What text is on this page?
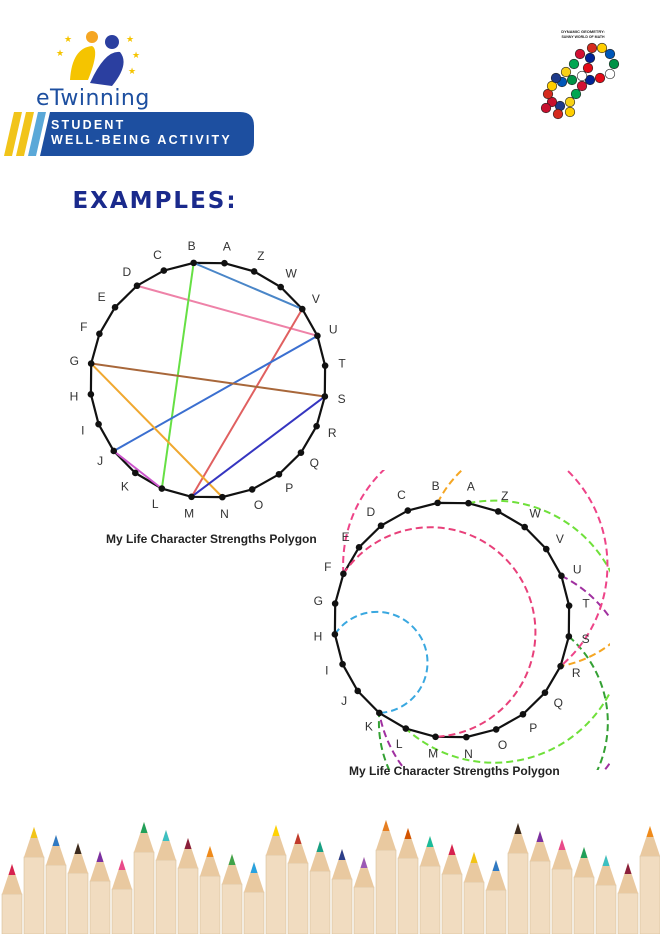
★
★	★
★
★
eTwinning
STUDENT
WELL-BEING ACTIVITY
DYNAMIC GEOMETRY:
SUNNY WORLD OF MATH
EXAMPLES:
A
Z
W
V
U
T
S
R
Q
P
O
N
M
L
K
J
I
H
G
F
E
D
C
B
My Life Character Strengths Polygon
A
Z
W
V
U
T
S
R
Q
P
O
N
M
L
K
J
I
H
G
F
E
D
C
B
My Life Character Strengths Polygon
